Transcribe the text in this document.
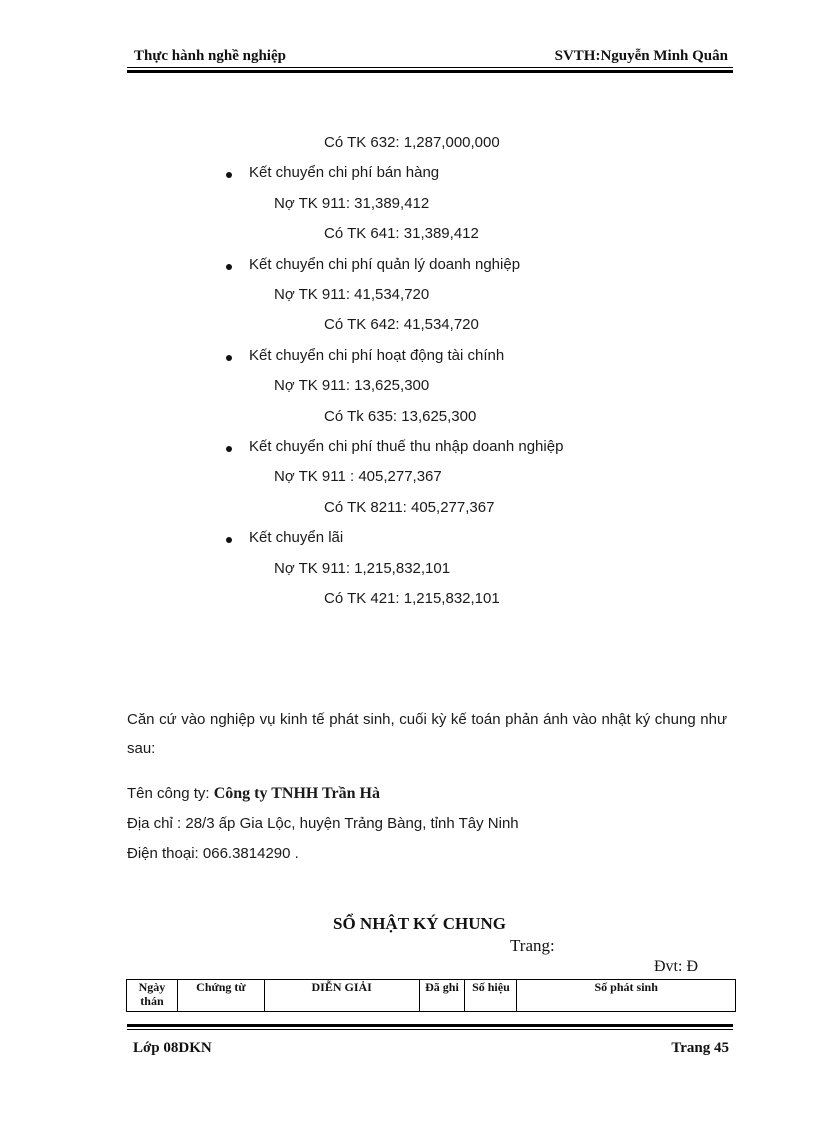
Thực hành nghề nghiệp	SVTH:Nguyễn Minh Quân
Có TK 632: 1,287,000,000
Kết chuyển chi phí bán hàng
Nợ TK 911: 31,389,412
Có TK 641: 31,389,412
Kết chuyển chi phí quản lý doanh nghiệp
Nợ TK 911: 41,534,720
Có TK 642: 41,534,720
Kết chuyển chi phí hoạt động tài chính
Nợ TK 911: 13,625,300
Có Tk 635: 13,625,300
Kết chuyển chi phí thuế thu nhập doanh nghiệp
Nợ TK 911 : 405,277,367
Có TK 8211: 405,277,367
Kết chuyển lãi
Nợ TK 911: 1,215,832,101
Có TK 421: 1,215,832,101
Căn cứ vào nghiệp vụ kinh tế phát sinh, cuối kỳ kế toán phản ánh vào nhật ký chung như sau:
Tên công ty: Công ty TNHH Trần Hà
Địa chỉ : 28/3 ấp Gia Lộc, huyện Trảng Bàng, tỉnh Tây Ninh
Điện thoại: 066.3814290 .
SỔ NHẬT KÝ CHUNG
Trang:
Đvt: Đ
Ngày thán	Chứng từ	DIỄN GIẢI	Đã ghi	Số hiệu	Số phát sinh
Lớp 08DKN	Trang 45
